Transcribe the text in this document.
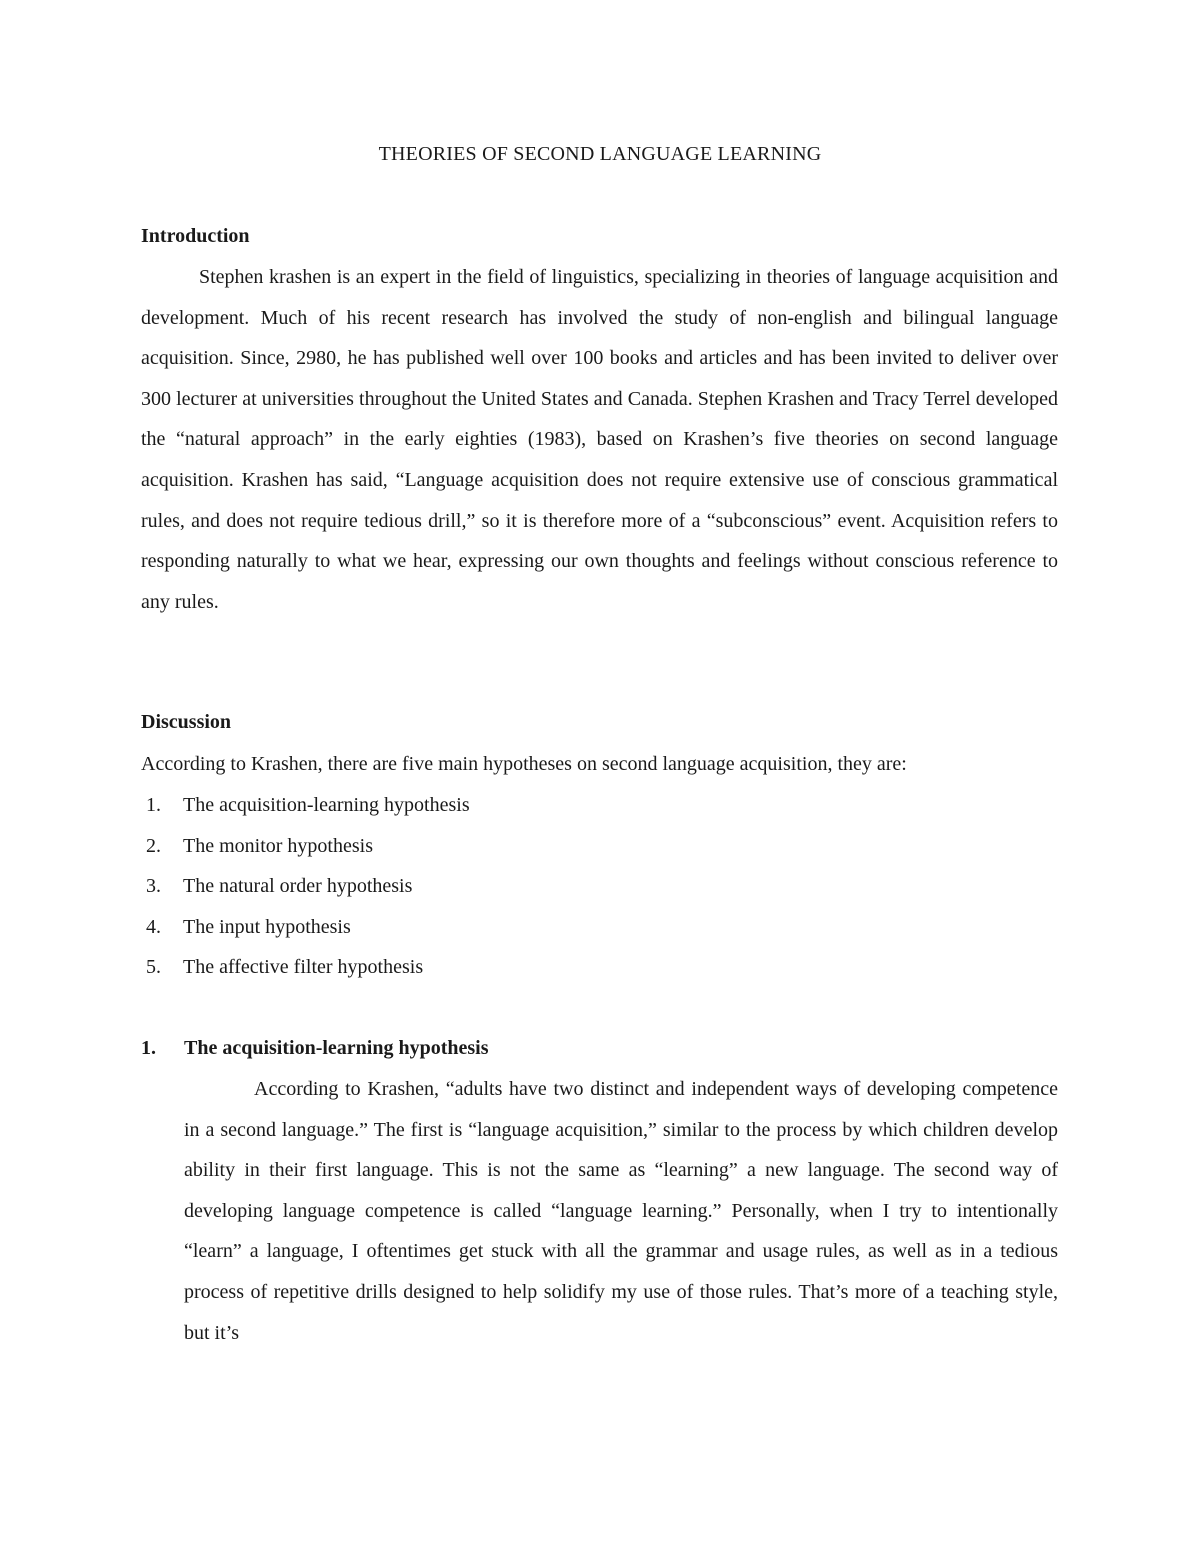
THEORIES OF SECOND LANGUAGE LEARNING
Introduction

Stephen krashen is an expert in the field of linguistics, specializing in theories of language acquisition and development. Much of his recent research has involved the study of non-english and bilingual language acquisition. Since, 2980, he has published well over 100 books and articles and has been invited to deliver over 300 lecturer at universities throughout the United States and Canada. Stephen Krashen and Tracy Terrel developed the “natural approach” in the early eighties (1983), based on Krashen’s five theories on second language acquisition. Krashen has said, “Language acquisition does not require extensive use of conscious grammatical rules, and does not require tedious drill,” so it is therefore more of a “subconscious” event. Acquisition refers to responding naturally to what we hear, expressing our own thoughts and feelings without conscious reference to any rules.

Discussion
According to Krashen, there are five main hypotheses on second language acquisition, they are:
1. The acquisition-learning hypothesis
2. The monitor hypothesis
3. The natural order hypothesis
4. The input hypothesis
5. The affective filter hypothesis
1. The acquisition-learning hypothesis

According to Krashen, “adults have two distinct and independent ways of developing competence in a second language.” The first is “language acquisition,” similar to the process by which children develop ability in their first language. This is not the same as “learning” a new language. The second way of developing language competence is called “language learning.” Personally, when I try to intentionally “learn” a language, I oftentimes get stuck with all the grammar and usage rules, as well as in a tedious process of repetitive drills designed to help solidify my use of those rules. That’s more of a teaching style, but it’s
